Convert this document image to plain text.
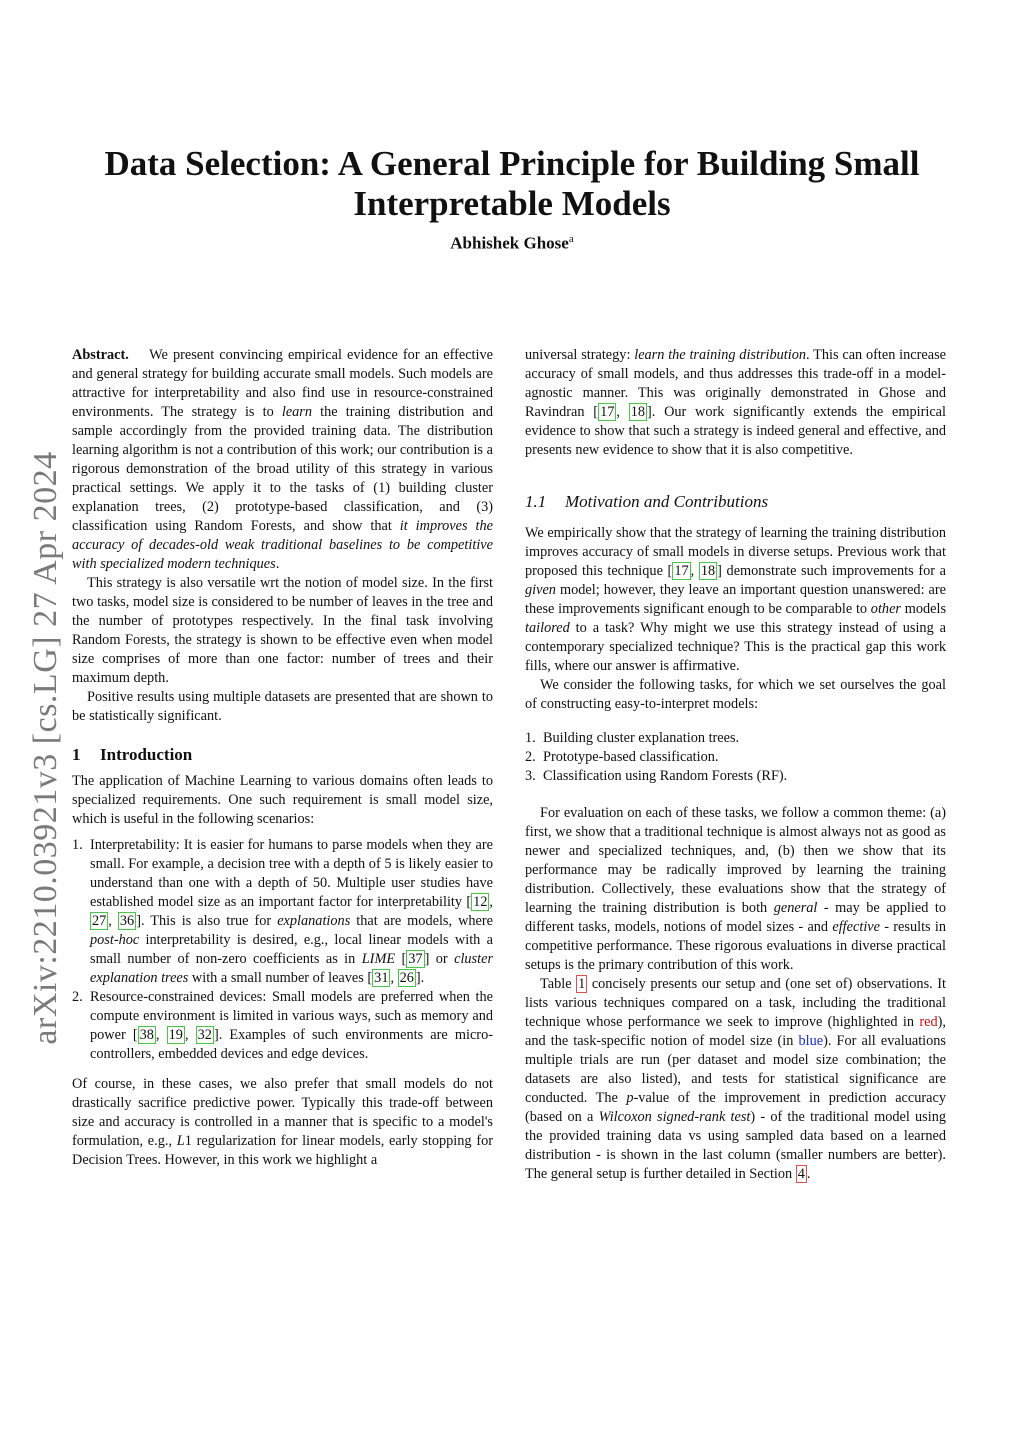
Data Selection: A General Principle for Building Small
Interpretable Models
Abhishek Ghose$^a$
arXiv:2210.03921v3 [cs.LG] 27 Apr 2024

Abstract. We present convincing empirical evidence for an effective and general strategy for building accurate small models. Such models are attractive for interpretability and also find use in resource-constrained environments. The strategy is to learn the training distribution and sample accordingly from the provided training data. The distribution learning algorithm is not a contribution of this work; our contribution is a rigorous demonstration of the broad utility of this strategy in various practical settings. We apply it to the tasks of (1) building cluster explanation trees, (2) prototype-based classification, and (3) classification using Random Forests, and show that it improves the accuracy of decades-old weak traditional baselines to be competitive with specialized modern techniques.

This strategy is also versatile wrt the notion of model size. In the first two tasks, model size is considered to be number of leaves in the tree and the number of prototypes respectively. In the final task involving Random Forests, the strategy is shown to be effective even when model size comprises of more than one factor: number of trees and their maximum depth.

Positive results using multiple datasets are presented that are shown to be statistically significant.

1 Introduction

The application of Machine Learning to various domains often leads to specialized requirements. One such requirement is small model size, which is useful in the following scenarios:

1. Interpretability: It is easier for humans to parse models when they are small. For example, a decision tree with a depth of 5 is likely easier to understand than one with a depth of 50. Multiple user studies have established model size as an important factor for interpretability [ 12 , 27 , 36 ]. This is also true for explanations that are models, where post-hoc interpretability is desired, e.g., local linear models with a small number of non-zero coefficients as in LIME [ 37 ] or cluster explanation trees with a small number of leaves [ 31 , 26 ].
2. Resource-constrained devices: Small models are preferred when the compute environment is limited in various ways, such as memory and power [ 38 , 19 , 32 ]. Examples of such environments are micro-controllers, embedded devices and edge devices.

Of course, in these cases, we also prefer that small models do not drastically sacrifice predictive power. Typically this trade-off between size and accuracy is controlled in a manner that is specific to a model's formulation, e.g., L1 regularization for linear models, early stopping for Decision Trees. However, in this work we highlight a

universal strategy: learn the training distribution. This can often increase accuracy of small models, and thus addresses this trade-off in a model-agnostic manner. This was originally demonstrated in Ghose and Ravindran [ 17 , 18 ]. Our work significantly extends the empirical evidence to show that such a strategy is indeed general and effective, and presents new evidence to show that it is also competitive.

1.1 Motivation and Contributions

We empirically show that the strategy of learning the training distribution improves accuracy of small models in diverse setups. Previous work that proposed this technique [ 17 , 18 ] demonstrate such improvements for a given model; however, they leave an important question unanswered: are these improvements significant enough to be comparable to other models tailored to a task? Why might we use this strategy instead of using a contemporary specialized technique? This is the practical gap this work fills, where our answer is affirmative.

We consider the following tasks, for which we set ourselves the goal of constructing easy-to-interpret models:

1. Building cluster explanation trees.
2. Prototype-based classification.
3. Classification using Random Forests (RF).

For evaluation on each of these tasks, we follow a common theme: (a) first, we show that a traditional technique is almost always not as good as newer and specialized techniques, and, (b) then we show that its performance may be radically improved by learning the training distribution. Collectively, these evaluations show that the strategy of learning the training distribution is both general - may be applied to different tasks, models, notions of model sizes - and effective - results in competitive performance. These rigorous evaluations in diverse practical setups is the primary contribution of this work.

Table 1 concisely presents our setup and (one set of) observations. It lists various techniques compared on a task, including the traditional technique whose performance we seek to improve (highlighted in red), and the task-specific notion of model size (in blue). For all evaluations multiple trials are run (per dataset and model size combination; the datasets are also listed), and tests for statistical significance are conducted. The p-value of the improvement in prediction accuracy (based on a Wilcoxon signed-rank test) - of the traditional model using the provided training data vs using sampled data based on a learned distribution - is shown in the last column (smaller numbers are better). The general setup is further detailed in Section 4 .
